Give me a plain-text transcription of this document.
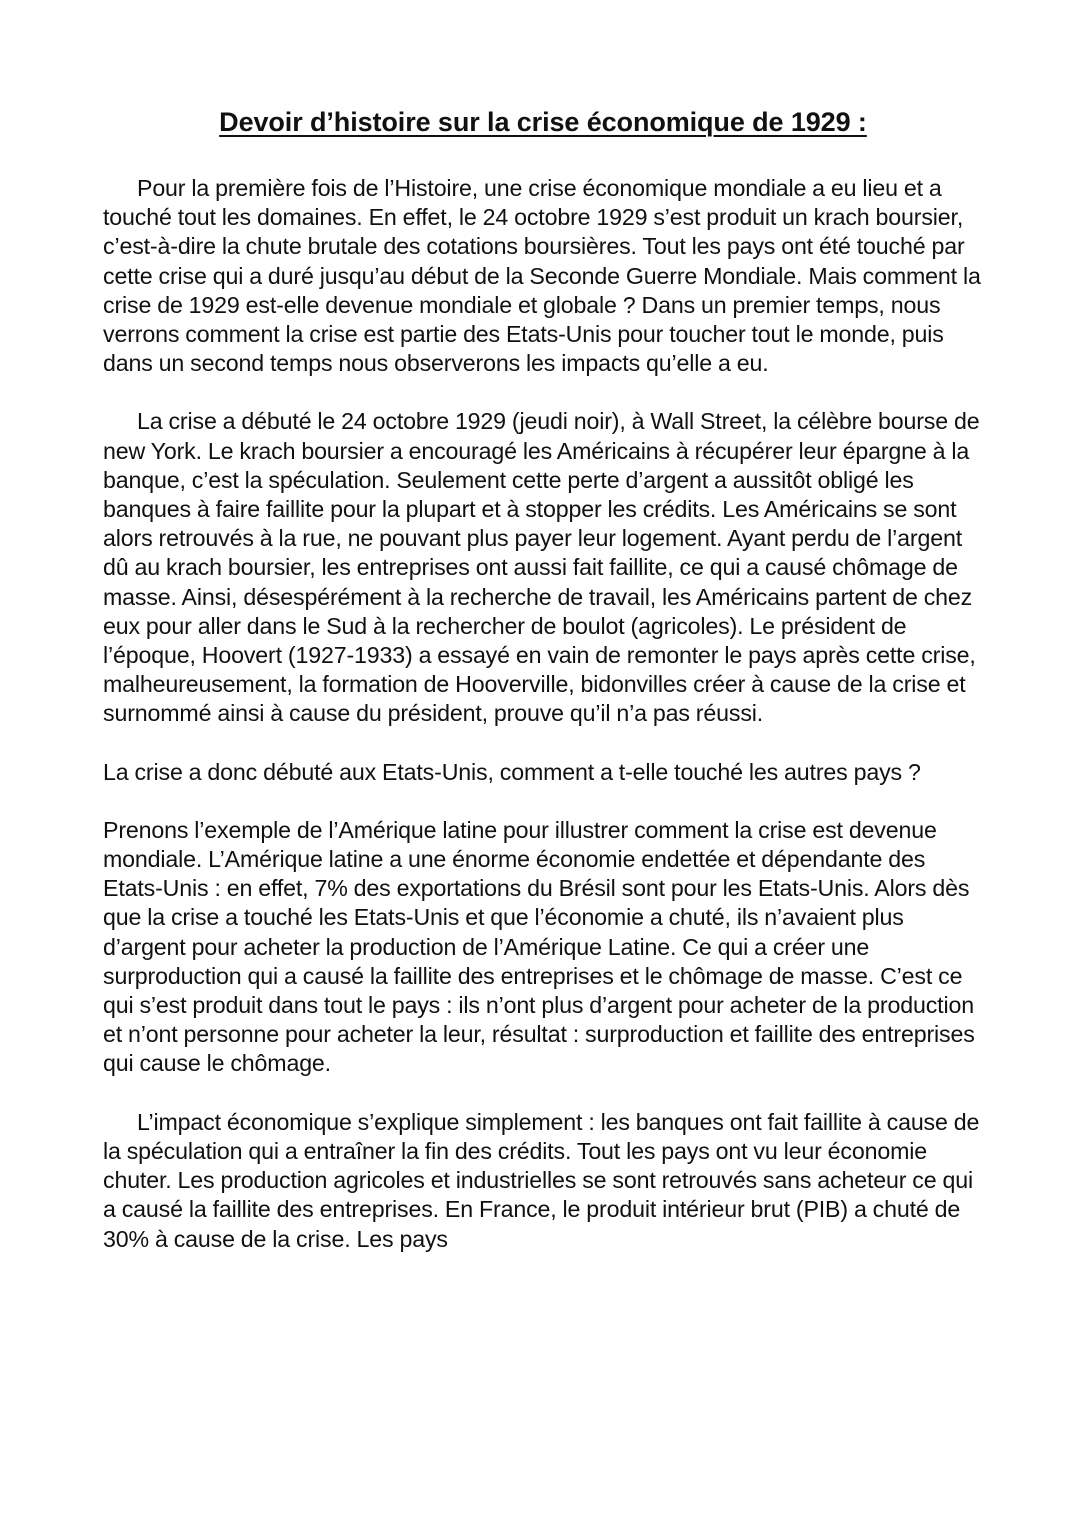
Devoir d’histoire sur la crise économique de 1929 :

Pour la première fois de l’Histoire, une crise économique mondiale a eu lieu et a touché tout les domaines. En effet, le 24 octobre 1929 s’est produit un krach boursier, c’est-à-dire la chute brutale des cotations boursières. Tout les pays ont été touché par cette crise qui a duré jusqu’au début de la Seconde Guerre Mondiale. Mais comment la crise de 1929 est-elle devenue mondiale et globale ? Dans un premier temps, nous verrons comment la crise est partie des Etats-Unis pour toucher tout le monde, puis dans un second temps nous observerons les impacts qu’elle a eu.

La crise a débuté le 24 octobre 1929 (jeudi noir), à Wall Street, la célèbre bourse de new York. Le krach boursier a encouragé les Américains à récupérer leur épargne à la banque, c’est la spéculation. Seulement cette perte d’argent a aussitôt obligé les banques à faire faillite pour la plupart et à stopper les crédits. Les Américains se sont alors retrouvés à la rue, ne pouvant plus payer leur logement. Ayant perdu de l’argent dû au krach boursier, les entreprises ont aussi fait faillite, ce qui a causé chômage de masse. Ainsi, désespérément à la recherche de travail, les Américains partent de chez eux pour aller dans le Sud à la rechercher de boulot (agricoles). Le président de l’époque, Hoovert (1927-1933) a essayé en vain de remonter le pays après cette crise, malheureusement, la formation de Hooverville, bidonvilles créer à cause de la crise et surnommé ainsi à cause du président, prouve qu’il n’a pas réussi.

La crise a donc débuté aux Etats-Unis, comment a t-elle touché les autres pays ?

Prenons l’exemple de l’Amérique latine pour illustrer comment la crise est devenue mondiale. L’Amérique latine a une énorme économie endettée et dépendante des Etats-Unis : en effet, 7% des exportations du Brésil sont pour les Etats-Unis. Alors dès que la crise a touché les Etats-Unis et que l’économie a chuté, ils n’avaient plus d’argent pour acheter la production de l’Amérique Latine. Ce qui a créer une surproduction qui a causé la faillite des entreprises et le chômage de masse. C’est ce qui s’est produit dans tout le pays : ils n’ont plus d’argent pour acheter de la production et n’ont personne pour acheter la leur, résultat : surproduction et faillite des entreprises qui cause le chômage.

L’impact économique s’explique simplement : les banques ont fait faillite à cause de la spéculation qui a entraîner la fin des crédits. Tout les pays ont vu leur économie chuter. Les production agricoles et industrielles se sont retrouvés sans acheteur ce qui a causé la faillite des entreprises. En France, le produit intérieur brut (PIB) a chuté de 30% à cause de la crise. Les pays
